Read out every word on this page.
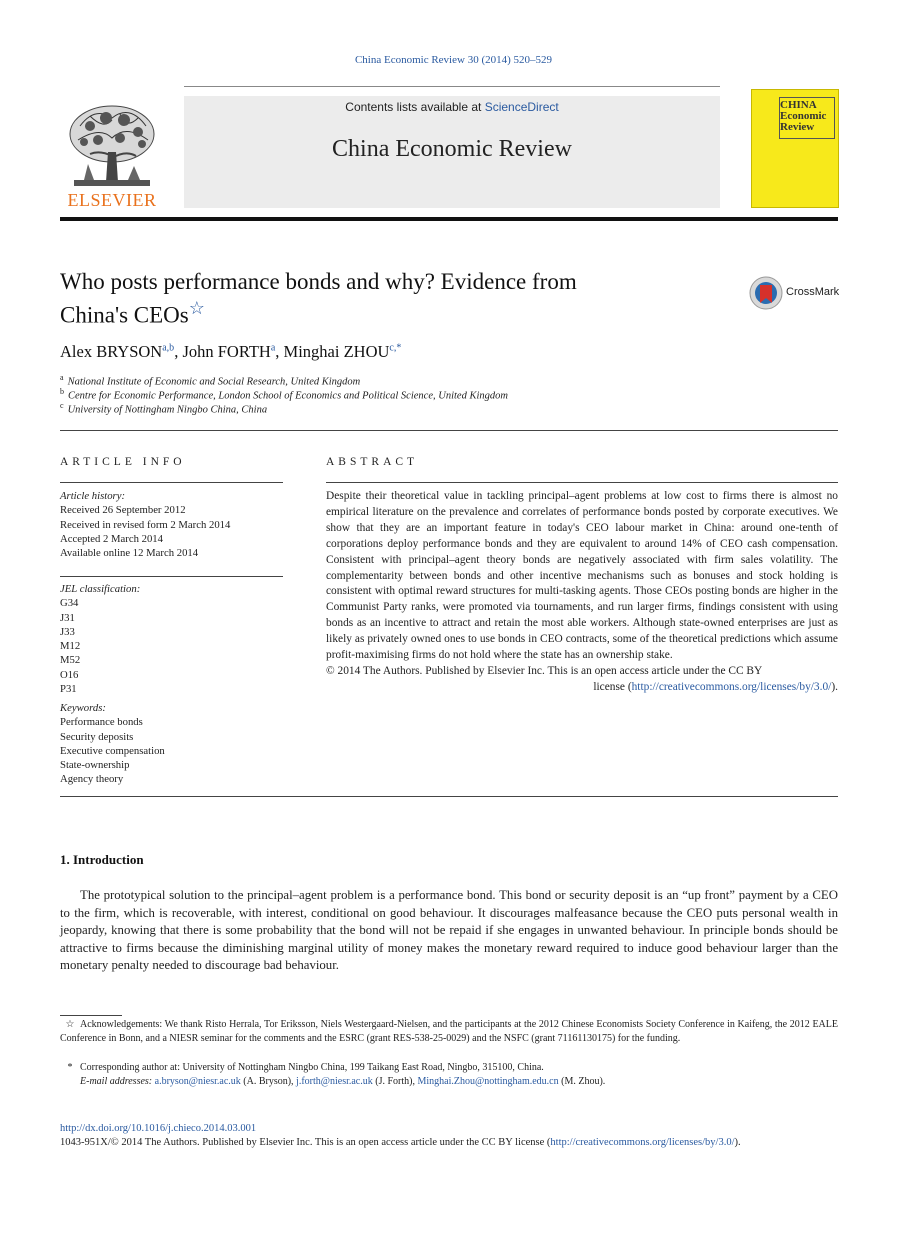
China Economic Review 30 (2014) 520–529
ELSEVIER
Contents lists available at ScienceDirect
China Economic Review
CHINA
Economic
Review
Who posts performance bonds and why? Evidence from
China's CEOs☆
CrossMark
Alex BRYSON$^{a,b}$, John FORTH$^a$, Minghai $ZHOU^{c,*}$
$^a$ National Institute of Economic and Social Research, United Kingdom
$^b$ Centre for Economic Performance, London School of Economics and Political Science, United Kingdom
$^c$ University of Nottingham Ningbo China, China
ARTICLE INFO
Article history:
Received 26 September 2012
Received in revised form 2 March 2014
Accepted 2 March 2014
Available online 12 March 2014
JEL classification:
G34
J31
J33
M12
M52
O16
P31
Keywords:
Performance bonds
Security deposits
Executive compensation
State-ownership
Agency theory
ABSTRACT

Despite their theoretical value in tackling principal–agent problems at low cost to firms there is almost no empirical literature on the prevalence and correlates of performance bonds posted by corporate executives. We show that they are an important feature in today's CEO labour market in China: around one-tenth of corporations deploy performance bonds and they are equivalent to around 14% of CEO cash compensation. Consistent with principal–agent theory bonds are negatively associated with firm sales volatility. The complementarity between bonds and other incentive mechanisms such as bonuses and stock holding is consistent with optimal reward structures for multi-tasking agents. Those CEOs posting bonds are higher in the Communist Party ranks, were promoted via tournaments, and run larger firms, findings consistent with using bonds as an incentive to attract and retain the most able workers. Although state-owned enterprises are just as likely as privately owned ones to use bonds in CEO contracts, some of the theoretical predictions which assume profit-maximising firms do not hold where the state has an ownership stake.

© 2014 The Authors. Published by Elsevier Inc. This is an open access article under the CC BY

license (http://creativecommons.org/licenses/by/3.0/).

1. Introduction
The prototypical solution to the principal–agent problem is a performance bond. This bond or security deposit is an “up front” payment by a CEO to the firm, which is recoverable, with interest, conditional on good behaviour. It discourages malfeasance because the CEO puts personal wealth in jeopardy, knowing that there is some probability that the bond will not be repaid if she engages in unwanted behaviour. In principle bonds should be attractive to firms because the diminishing marginal utility of money makes the monetary reward required to induce good behaviour larger than the monetary penalty needed to discourage bad behaviour.
☆ Acknowledgements: We thank Risto Herrala, Tor Eriksson, Niels Westergaard-Nielsen, and the participants at the 2012 Chinese Economists Society Conference in Kaifeng, the 2012 EALE Conference in Bonn, and a NIESR seminar for the comments and the ESRC (grant RES-538-25-0029) and the NSFC (grant 71161130175) for the funding.
* Corresponding author at: University of Nottingham Ningbo China, 199 Taikang East Road, Ningbo, 315100, China.
E-mail addresses: a.bryson@niesr.ac.uk (A. Bryson), j.forth@niesr.ac.uk (J. Forth), Minghai.Zhou@nottingham.edu.cn (M. Zhou).
http://dx.doi.org/10.1016/j.chieco.2014.03.001
1043-951X/© 2014 The Authors. Published by Elsevier Inc. This is an open access article under the CC BY license (http://creativecommons.org/licenses/by/3.0/).
